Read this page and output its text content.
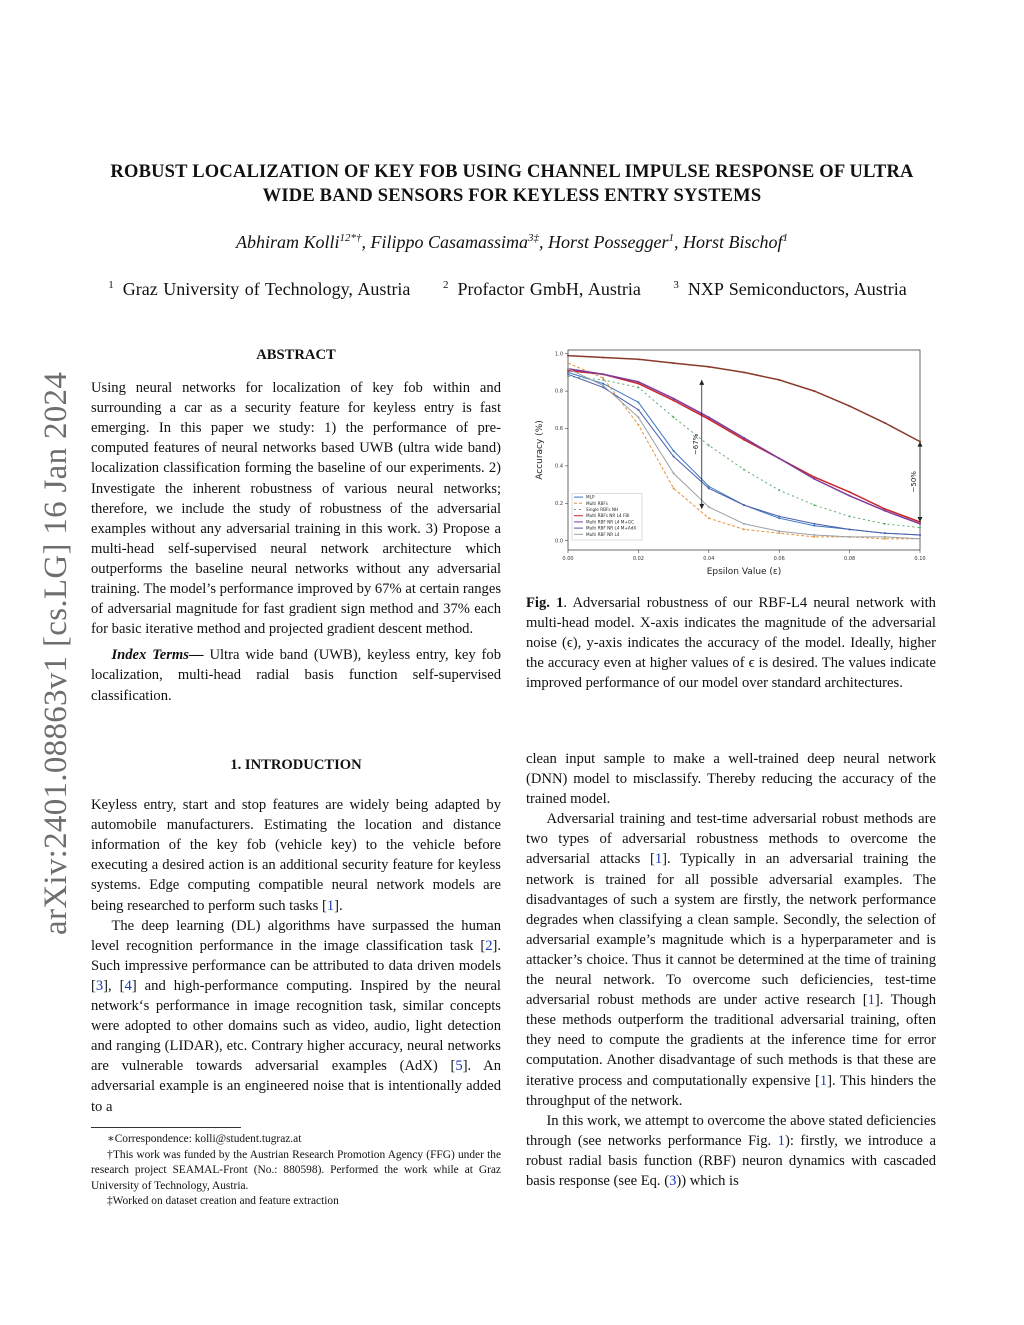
arXiv:2401.08863v1 [cs.LG] 16 Jan 2024
ROBUST LOCALIZATION OF KEY FOB USING CHANNEL IMPULSE RESPONSE OF ULTRA
WIDE BAND SENSORS FOR KEYLESS ENTRY SYSTEMS
Abhiram Kolli$^{12*\dagger}$, Filippo Casamassima$^{3\ddagger}$, Horst Possegger$^1$, Horst Bischof$^1$
$^1$ Graz University of Technology, Austria	$^2$ Profactor GmbH, Austria	$^3$ NXP Semiconductors, Austria
ABSTRACT

Using neural networks for localization of key fob within and surrounding a car as a security feature for keyless entry is fast emerging. In this paper we study: 1) the performance of pre-computed features of neural networks based UWB (ultra wide band) localization classification forming the baseline of our experiments. 2) Investigate the inherent robustness of various neural networks; therefore, we include the study of robustness of the adversarial examples without any adversarial training in this work. 3) Propose a multi-head self-supervised neural network architecture which outperforms the baseline neural networks without any adversarial training. The model’s performance improved by 67% at certain ranges of adversarial magnitude for fast gradient sign method and 37% each for basic iterative method and projected gradient descent method.

Index Terms— Ultra wide band (UWB), keyless entry, key fob localization, multi-head radial basis function self-supervised classification.

1. INTRODUCTION

Keyless entry, start and stop features are widely being adapted by automobile manufacturers. Estimating the location and distance information of the key fob (vehicle key) to the vehicle before executing a desired action is an additional security feature for keyless systems. Edge computing compatible neural network models are being researched to perform such tasks [1].

The deep learning (DL) algorithms have surpassed the human level recognition performance in the image classification task [2]. Such impressive performance can be attributed to data driven models [3], [4] and high-performance computing. Inspired by the neural network‘s performance in image recognition task, similar concepts were adopted to other domains such as video, audio, light detection and ranging (LIDAR), etc. Contrary higher accuracy, neural networks are vulnerable towards adversarial examples (AdX) [5]. An adversarial example is an engineered noise that is intentionally added to a

∗Correspondence: kolli@student.tugraz.at

†This work was funded by the Austrian Research Promotion Agency (FFG) under the research project SEAMAL-Front (No.: 880598). Performed the work while at Graz University of Technology, Austria.

‡Worked on dataset creation and feature extraction

0.00	0.02	0.04	0.06	0.08	0.10
0.0
0.2
0.4
0.6
0.8
1.0
Epsilon Value (ε)
Accuracy (%)	~67%
~50%
MLP
Multi RBFs
Single RBFs NH
Multi RBFs NR L4 FBI
Multi RBF NR L4 M+GC
Multi RBF NR L4 M+AdX
Multi RBF NR L4
Fig. 1. Adversarial robustness of our RBF-L4 neural network with multi-head model. X-axis indicates the magnitude of the adversarial noise (ϵ), y-axis indicates the accuracy of the model. Ideally, higher the accuracy even at higher values of ϵ is desired. The values indicate improved performance of our model over standard architectures.

clean input sample to make a well-trained deep neural network (DNN) model to misclassify. Thereby reducing the accuracy of the trained model.

Adversarial training and test-time adversarial robust methods are two types of adversarial robustness methods to overcome the adversarial attacks [1]. Typically in an adversarial training the network is trained for all possible adversarial examples. The disadvantages of such a system are firstly, the network performance degrades when classifying a clean sample. Secondly, the selection of adversarial example’s magnitude which is a hyperparameter and is attacker’s choice. Thus it cannot be determined at the time of training the neural network. To overcome such deficiencies, test-time adversarial robust methods are under active research [1]. Though these methods outperform the traditional adversarial training, often they need to compute the gradients at the inference time for error computation. Another disadvantage of such methods is that these are iterative process and computationally expensive [1]. This hinders the throughput of the network.

In this work, we attempt to overcome the above stated deficiencies through (see networks performance Fig. 1): firstly, we introduce a robust radial basis function (RBF) neuron dynamics with cascaded basis response (see Eq. (3)) which is
